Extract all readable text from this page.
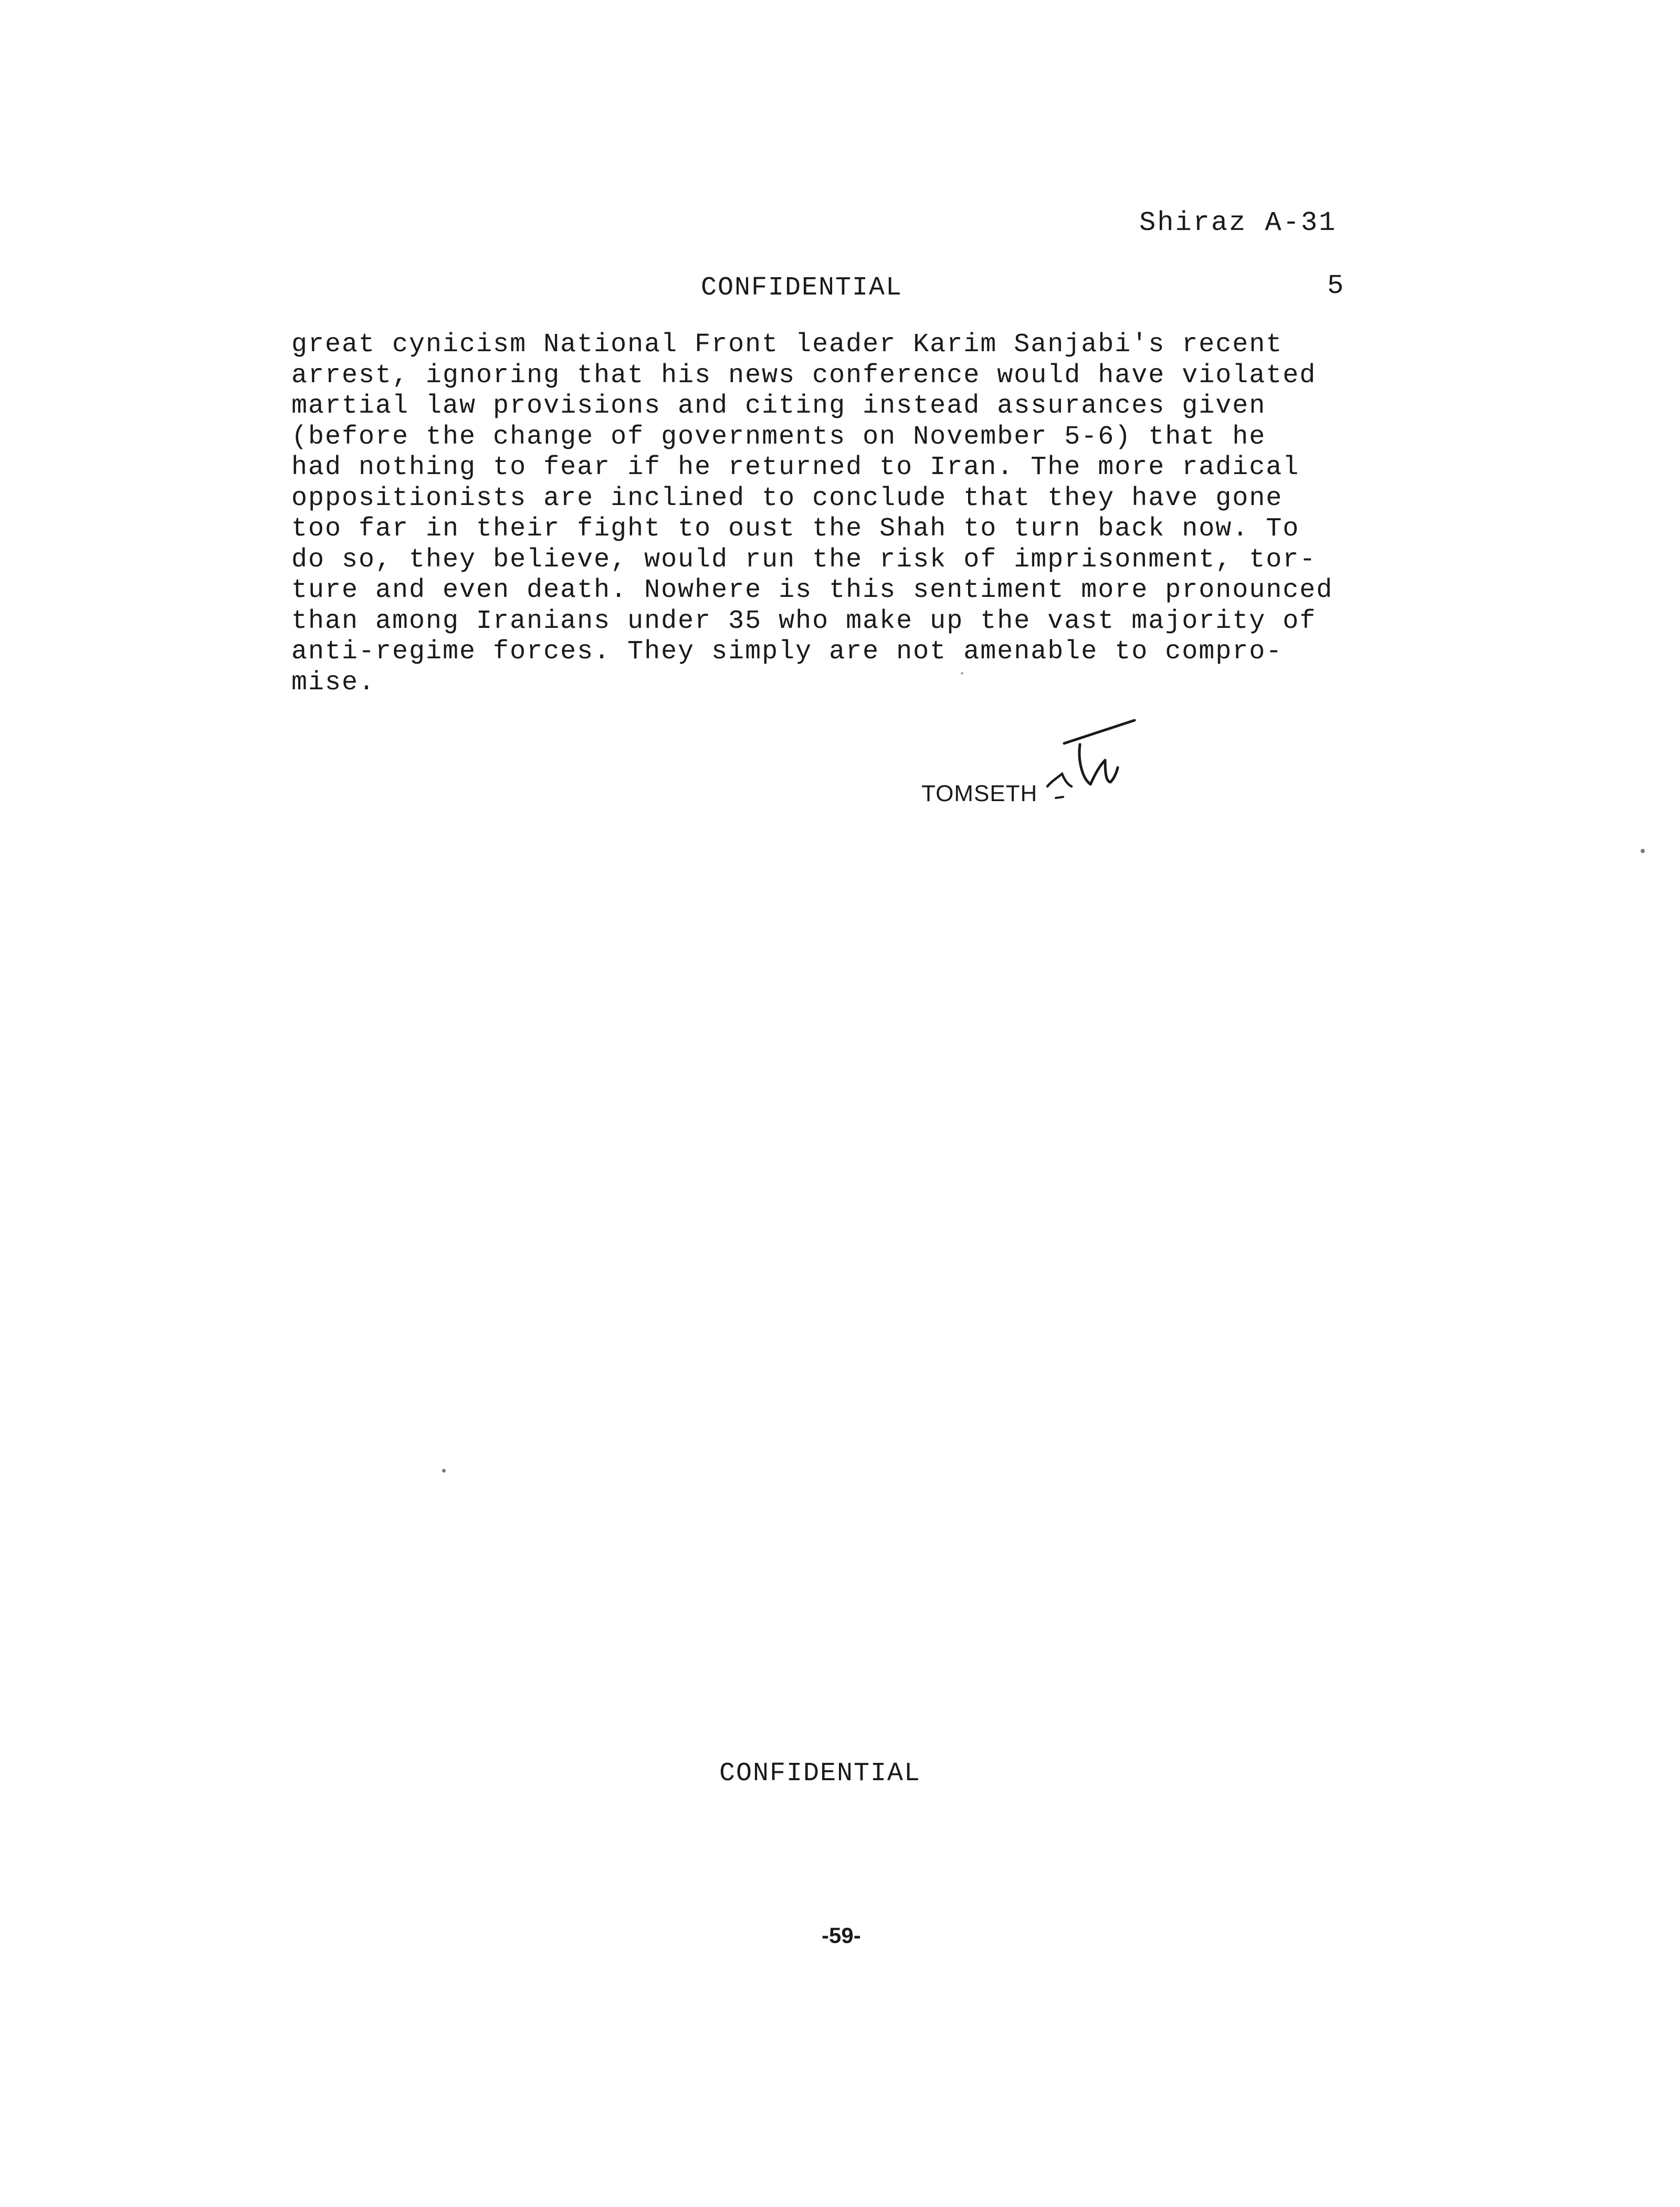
Shiraz A-31
CONFIDENTIAL	5

great cynicism National Front leader Karim Sanjabi's recent
arrest, ignoring that his news conference would have violated
martial law provisions and citing instead assurances given
(before the change of governments on November 5-6) that he
had nothing to fear if he returned to Iran. The more radical
oppositionists are inclined to conclude that they have gone
too far in their fight to oust the Shah to turn back now. To
do so, they believe, would run the risk of imprisonment, tor-
ture and even death. Nowhere is this sentiment more pronounced
than among Iranians under 35 who make up the vast majority of
anti-regime forces. They simply are not amenable to compro-
mise.

TOMSETH
CONFIDENTIAL
-59-
